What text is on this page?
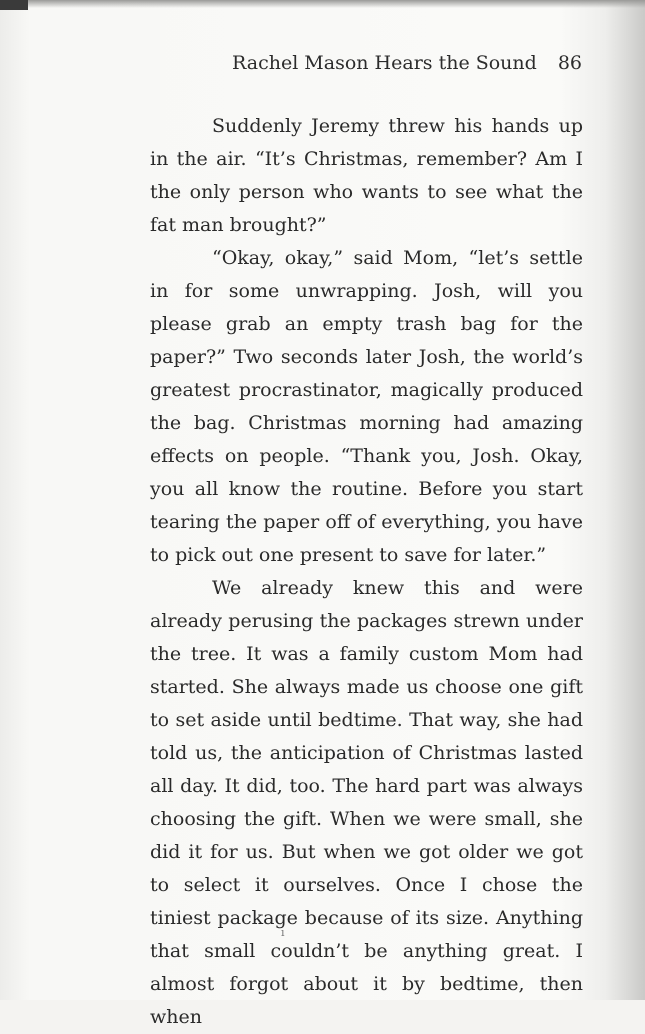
Rachel Mason Hears the Sound 86

Suddenly Jeremy threw his hands up in the air. “It’s Christmas, remember? Am I the only person who wants to see what the fat man brought?”

“Okay, okay,” said Mom, “let’s settle in for some unwrapping. Josh, will you please grab an empty trash bag for the paper?” Two seconds later Josh, the world’s greatest procrastinator, magically produced the bag. Christmas morning had amazing effects on people. “Thank you, Josh. Okay, you all know the routine. Before you start tearing the paper off of everything, you have to pick out one present to save for later.”

We already knew this and were already perusing the packages strewn under the tree. It was a family custom Mom had started. She always made us choose one gift to set aside until bedtime. That way, she had told us, the anticipation of Christmas lasted all day. It did, too. The hard part was always choosing the gift. When we were small, she did it for us. But when we got older we got to select it ourselves. Once I chose the tiniest package because of its size. Anything that small couldn’t be anything great. I almost forgot about it by bedtime, then when

ı
